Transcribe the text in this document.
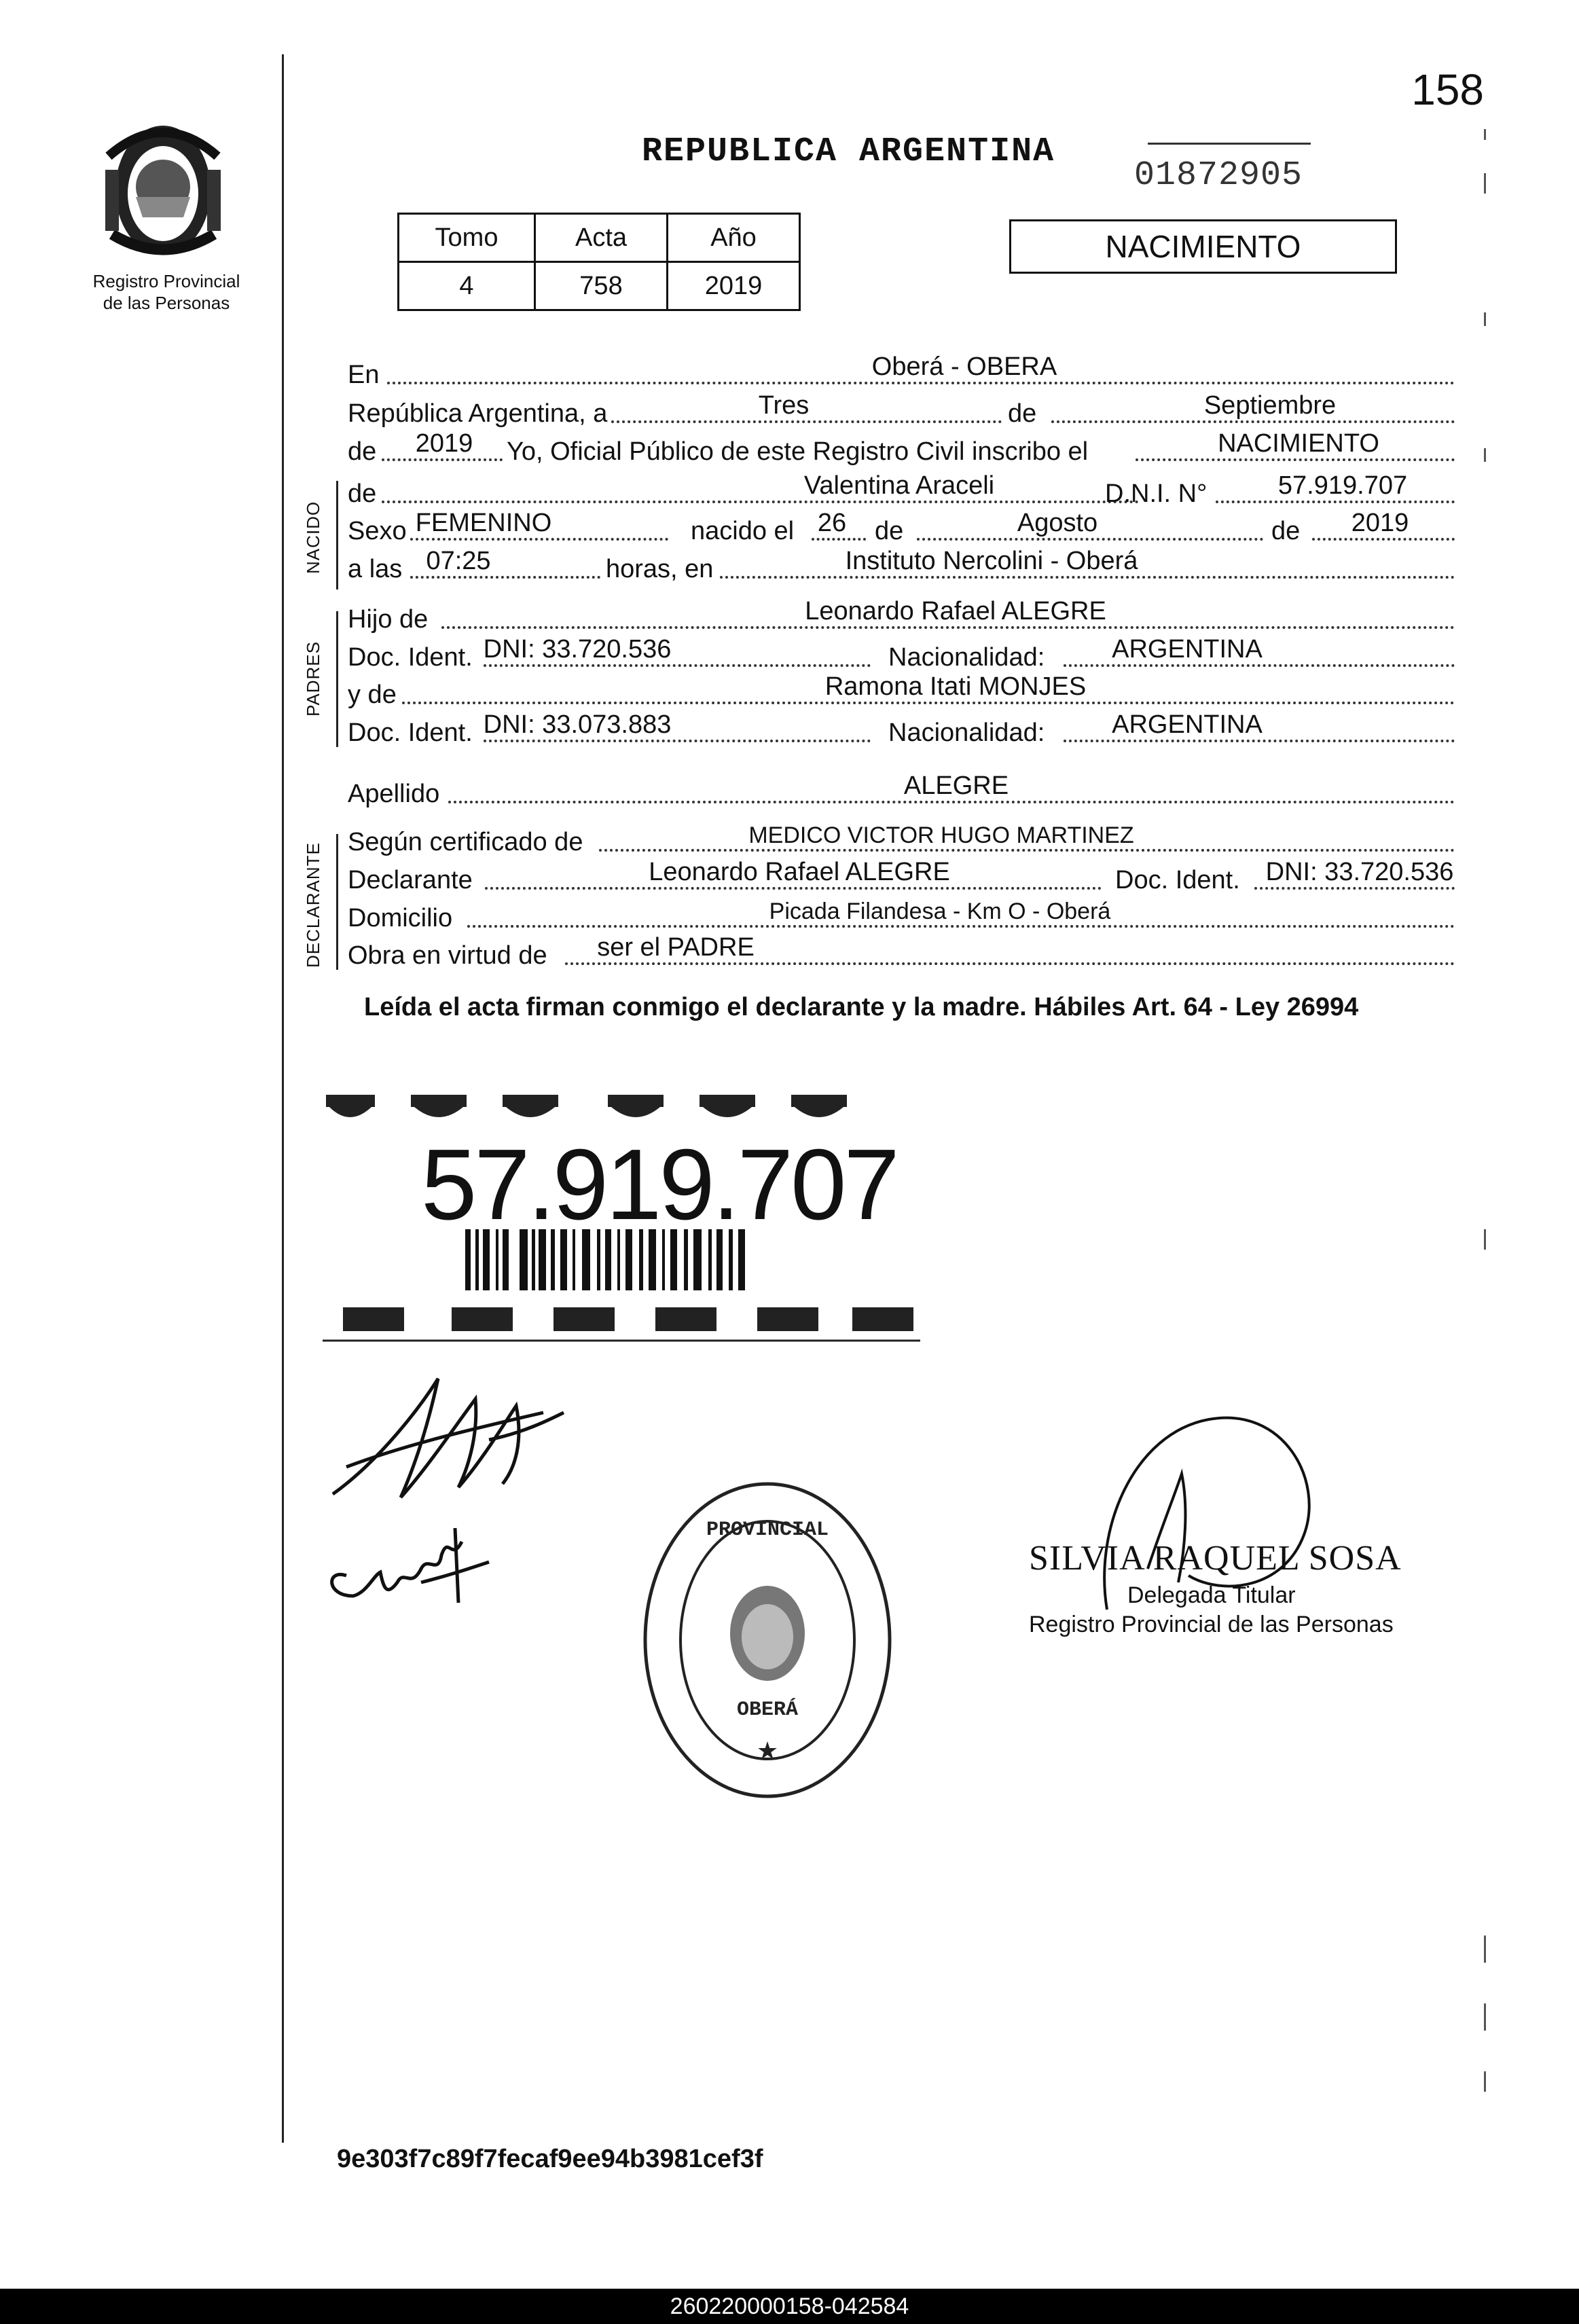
158
Registro Provincial
de las Personas
REPUBLICA ARGENTINA
01872905
Tomo	Acta	Año
4	758	2019
NACIMIENTO
En	Oberá - OBERA
República Argentina, a	Tres	de	Septiembre
de 2019 Yo, Oficial Público de este Registro Civil inscribo el	NACIMIENTO
NACIDO
de	Valentina Araceli	D.N.I. N°	57.919.707
Sexo FEMENINO	nacido el 26 de	Agosto	de 2019
a las 07:25	horas, en	Instituto Nercolini - Oberá
PADRES
Hijo de	Leonardo Rafael ALEGRE
Doc. Ident. DNI: 33.720.536	Nacionalidad:	ARGENTINA
y de	Ramona Itati MONJES
Doc. Ident. DNI: 33.073.883	Nacionalidad:	ARGENTINA
Apellido	ALEGRE
DECLARANTE
Según certificado de	MEDICO VICTOR HUGO MARTINEZ
Declarante	Leonardo Rafael ALEGRE	Doc. Ident. DNI: 33.720.536
Domicilio	Picada Filandesa - Km O - Oberá
Obra en virtud de ser el PADRE
Leída el acta firman conmigo el declarante y la madre. Hábiles Art. 64 - Ley 26994
57.919.707
PROVINCIAL
OBERÁ
★
SILVIA RAQUEL SOSA
Delegada Titular
Registro Provincial de las Personas
9e303f7c89f7fecaf9ee94b3981cef3f
260220000158-042584
